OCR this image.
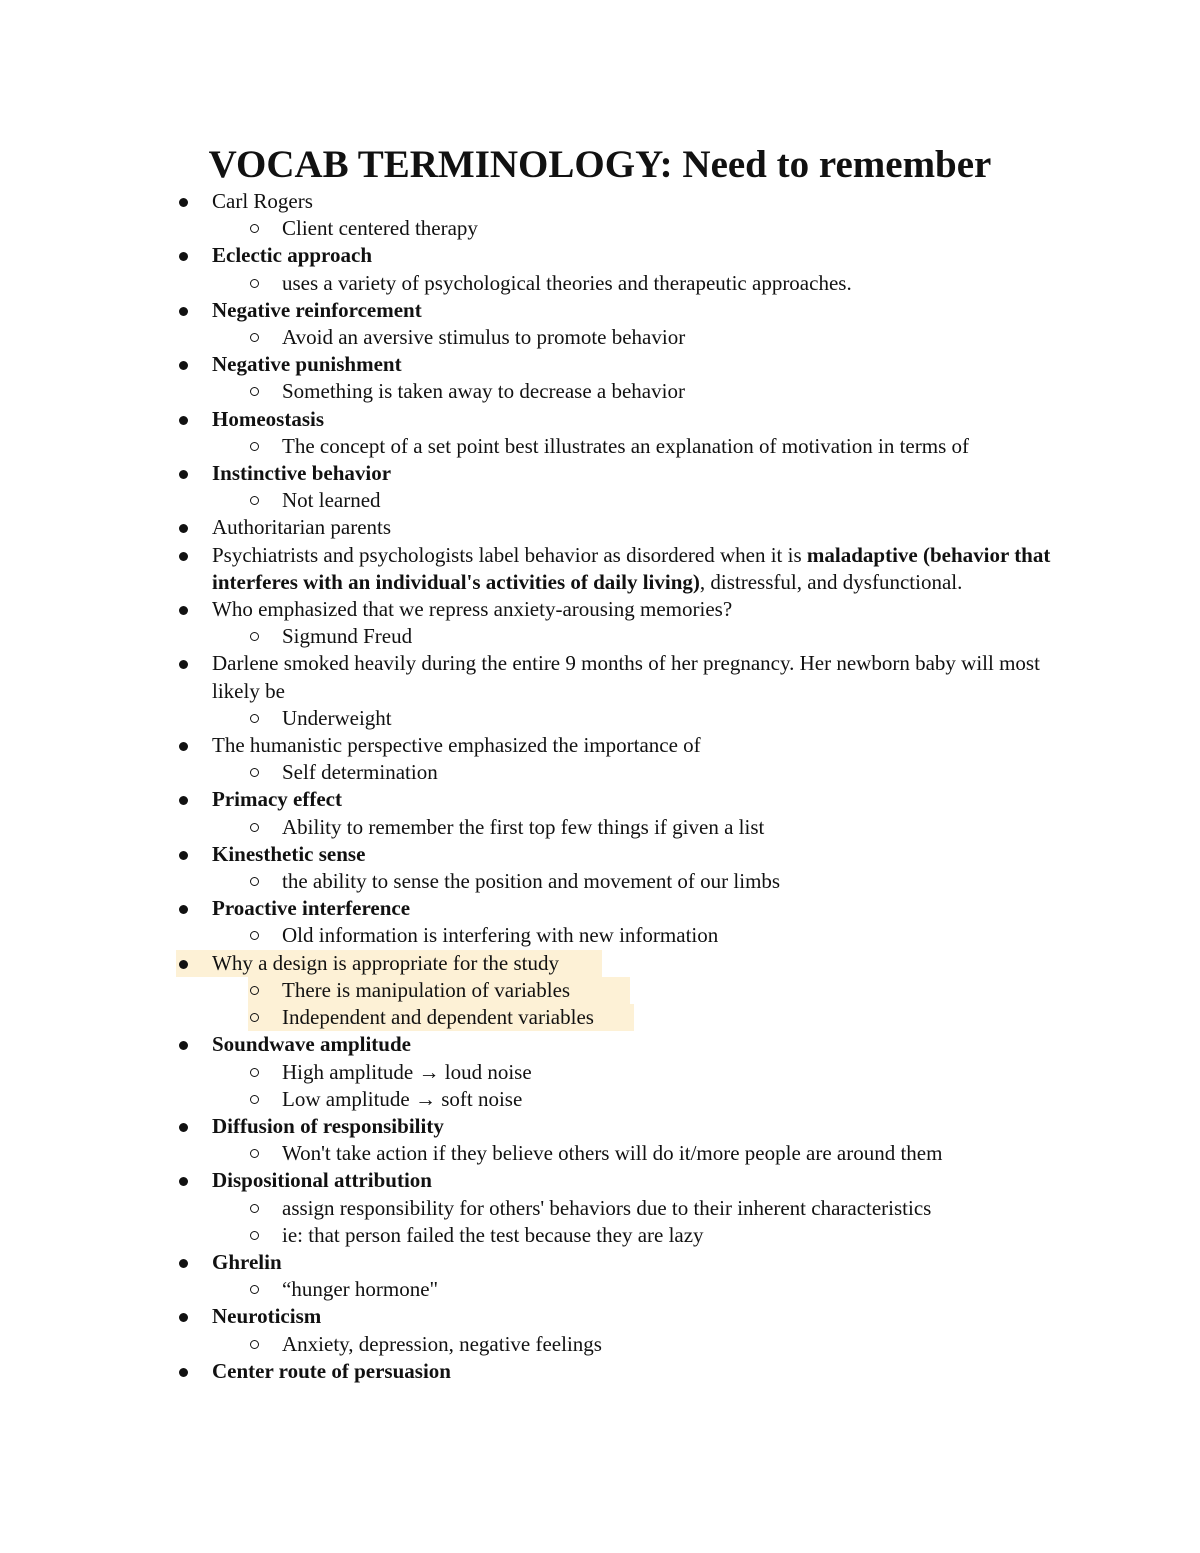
VOCAB TERMINOLOGY: Need to remember
Carl Rogers
Client centered therapy
Eclectic approach
uses a variety of psychological theories and therapeutic approaches.
Negative reinforcement
Avoid an aversive stimulus to promote behavior
Negative punishment
Something is taken away to decrease a behavior
Homeostasis
The concept of a set point best illustrates an explanation of motivation in terms of
Instinctive behavior
Not learned
Authoritarian parents
Psychiatrists and psychologists label behavior as disordered when it is maladaptive (behavior that interferes with an individual's activities of daily living), distressful, and dysfunctional.
Who emphasized that we repress anxiety-arousing memories?
Sigmund Freud
Darlene smoked heavily during the entire 9 months of her pregnancy. Her newborn baby will most likely be
Underweight
The humanistic perspective emphasized the importance of
Self determination
Primacy effect
Ability to remember the first top few things if given a list
Kinesthetic sense
the ability to sense the position and movement of our limbs
Proactive interference
Old information is interfering with new information
Why a design is appropriate for the study
There is manipulation of variables
Independent and dependent variables
Soundwave amplitude
High amplitude → loud noise
Low amplitude → soft noise
Diffusion of responsibility
Won't take action if they believe others will do it/more people are around them
Dispositional attribution
assign responsibility for others' behaviors due to their inherent characteristics
ie: that person failed the test because they are lazy
Ghrelin
“hunger hormone"
Neuroticism
Anxiety, depression, negative feelings
Center route of persuasion
